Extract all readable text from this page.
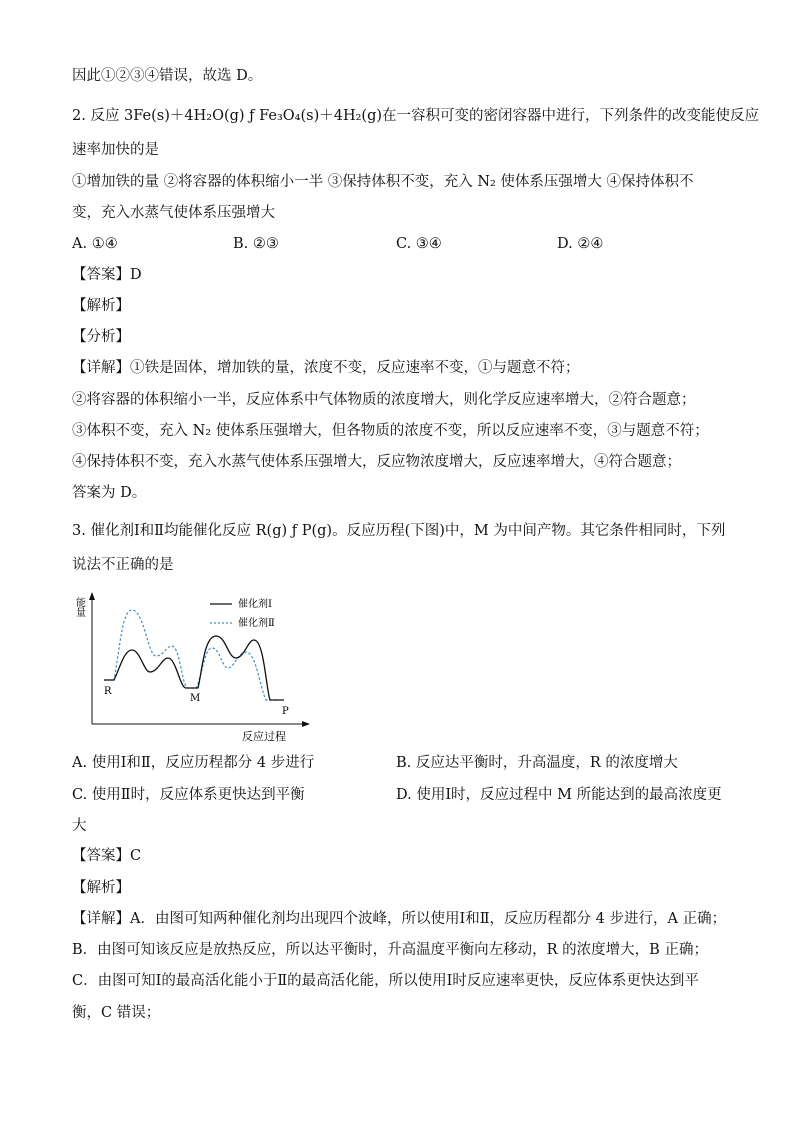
因此①②③④错误，故选 D。
2. 反应 3Fe(s)＋4H₂O(g) ƒ Fe₃O₄(s)＋4H₂(g)在一容积可变的密闭容器中进行，下列条件的改变能使反应
速率加快的是
①增加铁的量 ②将容器的体积缩小一半 ③保持体积不变，充入 N₂ 使体系压强增大 ④保持体积不
变，充入水蒸气使体系压强增大
A. ①④	B. ②③	C. ③④	D. ②④
【答案】D
【解析】
【分析】
【详解】①铁是固体，增加铁的量，浓度不变，反应速率不变，①与题意不符；
②将容器的体积缩小一半，反应体系中气体物质的浓度增大，则化学反应速率增大，②符合题意；
③体积不变，充入 N₂ 使体系压强增大，但各物质的浓度不变，所以反应速率不变，③与题意不符；
④保持体积不变，充入水蒸气使体系压强增大，反应物浓度增大，反应速率增大，④符合题意；
答案为 D。
3. 催化剂Ⅰ和Ⅱ均能催化反应 R(g) ƒ P(g)。反应历程(下图)中，M 为中间产物。其它条件相同时，下列
说法不正确的是
能 量
反应过程
催化剂Ⅰ
催化剂Ⅱ
R
M
P
A. 使用Ⅰ和Ⅱ，反应历程都分 4 步进行	B. 反应达平衡时，升高温度，R 的浓度增大
C. 使用Ⅱ时，反应体系更快达到平衡	D. 使用Ⅰ时，反应过程中 M 所能达到的最高浓度更
大
【答案】C
【解析】
【详解】A．由图可知两种催化剂均出现四个波峰，所以使用Ⅰ和Ⅱ，反应历程都分 4 步进行，A 正确；
B．由图可知该反应是放热反应，所以达平衡时，升高温度平衡向左移动，R 的浓度增大，B 正确；
C．由图可知Ⅰ的最高活化能小于Ⅱ的最高活化能，所以使用Ⅰ时反应速率更快，反应体系更快达到平
衡，C 错误；
